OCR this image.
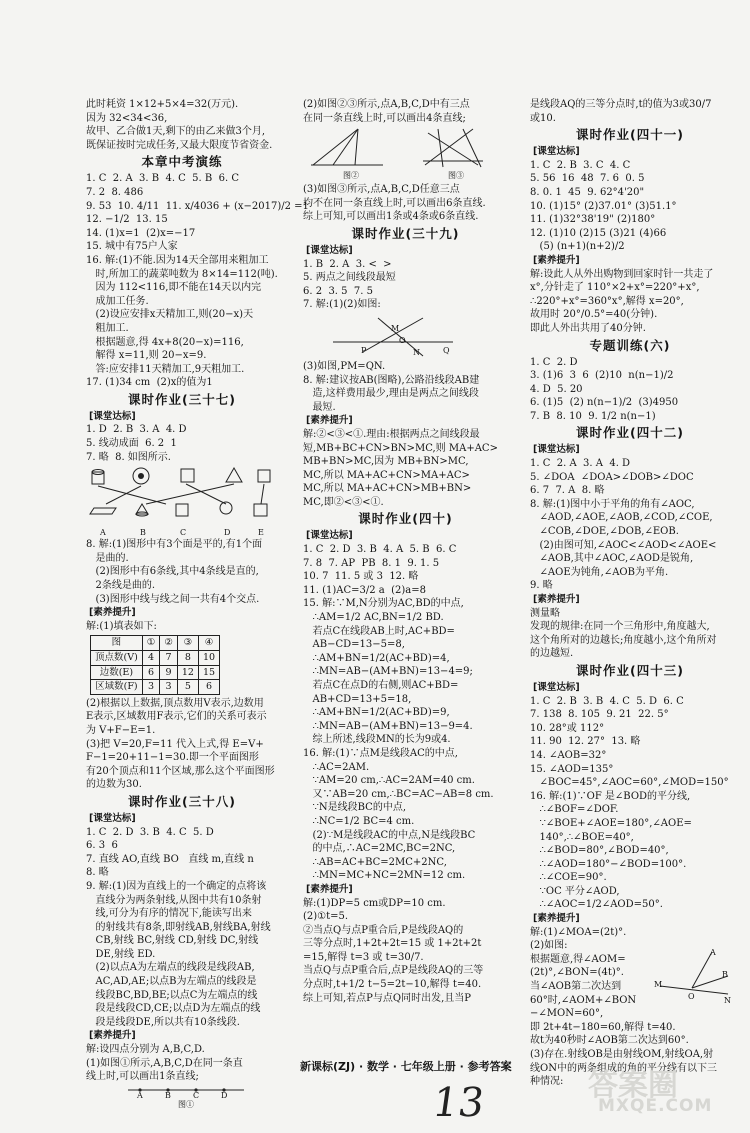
此时耗资 1×12+5×4=32(万元).
因为 32<34<36,
故甲、乙合做1天,剩下的由乙来做3个月,
既保证按时完成任务,又最大限度节省资金.
本章中考演练
1. C  2. A  3. B  4. C  5. B  6. C
7. 2  8. 486
9. 53  10. 4/11  11. x/4036 + (x−2017)/2 =1
12. −1/2  13. 15
14. (1)x=1  (2)x=−17
15. 城中有75户人家
16. 解:(1)不能.因为14天全部用来粗加工
时,所加工的蔬菜吨数为 8×14=112(吨).
因为 112<116,即不能在14天以内完
成加工任务.
(2)设应安排x天精加工,则(20−x)天
粗加工.
根据题意,得 4x+8(20−x)=116,
解得 x=11,则 20−x=9.
答:应安排11天精加工,9天粗加工.
17. (1)34 cm  (2)x的值为1
课时作业(三十七)
[课堂达标]
1. D  2. B  3. A  4. D
5. 线动成面  6. 2  1
7. 略  8. 如图所示.
A	B	C	D	E
8. 解:(1)图形中有3个面是平的,有1个面
是曲的.
(2)图形中有6条线,其中4条线是直的,
2条线是曲的.
(3)图形中线与线之间一共有4个交点.
[素养提升]
解:(1)填表如下:
图	①	②	③	④
顶点数(V)	4	7	8	10
边数(E)	6	9	12	15
区域数(F)	3	3	5	6
(2)根据以上数据,顶点数用V表示,边数用
E表示,区域数用F表示,它们的关系可表示
为 V+F−E=1.
(3)把 V=20,F=11 代入上式,得 E=V+
F−1=20+11−1=30.即一个平面图形
有20个顶点和11个区域,那么这个平面图形
的边数为30.
课时作业(三十八)
[课堂达标]
1. C  2. D  3. B  4. C  5. D
6. 3  6
7. 直线 AO,直线 BO   直线 m,直线 n
8. 略
9. 解:(1)因为直线上的一个确定的点将该
直线分为两条射线,从图中共有10条射
线,可分为有序的情况下,能读写出来
的射线共有8条,即射线AB,射线BA,射线
CB,射线 BC,射线 CD,射线 DC,射线
DE,射线 ED.
(2)以点A为左端点的线段是线段AB,
AC,AD,AE;以点B为左端点的线段是
线段BC,BD,BE;以点C为左端点的线
段是线段CD,CE;以点D为左端点的线
段是线段DE,所以共有10条线段.
[素养提升]
解:设四点分别为 A,B,C,D.
(1)如图①所示,A,B,C,D在同一条直
线上时,可以画出1条直线;
A	B	C	D
图①
(2)如图②③所示,点A,B,C,D中有三点
在同一条直线上时,可以画出4条直线;
图②	图③
(3)如图③所示,点A,B,C,D任意三点
均不在同一条直线上时,可以画出6条直线.
综上可知,可以画出1条或4条或6条直线.
课时作业(三十九)
[课堂达标]
1. B  2. A  3. <  >
5. 两点之间线段最短
6. 2  3. 5  7. 5
7. 解:(1)(2)如图:
M
O
P	N	Q
(3)如图,PM=QN.
8. 解:建议按AB(图略),公路沿线段AB建
造,这样费用最少,理由是两点之间线段
最短.
[素养提升]
解:②<③<①.理由:根据两点之间线段最
短,MB+BC+CN>BN>MC,则 MA+AC>
MB+BN>MC,因为 MB+BN>MC,
MC,所以 MA+AC+CN>MA+AC>
MC,所以 MA+AC+CN>MB+BN>
MC,即②<③<①.
课时作业(四十)
[课堂达标]
1. C  2. D  3. B  4. A  5. B  6. C
7. 8  7. AP  PB  8. 1  9. 1. 5
10. 7  11. 5 或 3  12. 略
11. (1)AC=3/2 a  (2)a=8
15. 解:∵M,N分别为AC,BD的中点,
∴AM=1/2 AC,BN=1/2 BD.
若点C在线段AB上时,AC+BD=
AB−CD=13−5=8,
∴AM+BN=1/2(AC+BD)=4,
∴MN=AB−(AM+BN)=13−4=9;
若点C在点D的右侧,则AC+BD=
AB+CD=13+5=18,
∴AM+BN=1/2(AC+BD)=9,
∴MN=AB−(AM+BN)=13−9=4.
综上所述,线段MN的长为9或4.
16. 解:(1)∵点M是线段AC的中点,
∴AC=2AM.
∵AM=20 cm,∴AC=2AM=40 cm.
又∵AB=20 cm,∴BC=AC−AB=8 cm.
∵N是线段BC的中点,
∴NC=1/2 BC=4 cm.
(2)∵M是线段AC的中点,N是线段BC
的中点,∴AC=2MC,BC=2NC,
∴AB=AC+BC=2MC+2NC,
∴MN=MC+NC=2MN=12 cm.
[素养提升]
解:(1)DP=5 cm或DP=10 cm.
(2)①t=5.
②当点Q与点P重合后,P是线段AQ的
三等分点时,1+2t+2t=15 或 1+2t+2t
=15,解得 t=3 或 t=30/7.
当点Q与点P重合后,点P是线段AQ的三等
分点时,t+1/2 t−5=2t−10,解得 t=40.
综上可知,若点P与点Q同时出发,且当P
是线段AQ的三等分点时,t的值为3或30/7
或10.
课时作业(四十一)
[课堂达标]
1. C  2. B  3. C  4. C
5. 56  16  48  7. 6  0. 5
8. 0. 1  45  9. 62°4'20"
10. (1)15° (2)37.01° (3)51.1°
11. (1)32°38'19" (2)180°
12. (1)10 (2)15 (3)21 (4)66
(5) (n+1)(n+2)/2
[素养提升]
解:设此人从外出购物到回家时针一共走了
x°,分针走了 110°×2+x°=220°+x°,
∴220°+x°=360°x°,解得 x=20°,
故用时 20°/0.5°=40(分钟).
即此人外出共用了40分钟.
专题训练(六)
1. C  2. D
3. (1)6  3  6  (2)10  n(n−1)/2
4. D  5. 20
6. (1)5  (2) n(n−1)/2  (3)4950
7. B  8. 10  9. 1/2 n(n−1)
课时作业(四十二)
[课堂达标]
1. C  2. A  3. A  4. D
5. ∠DOA  ∠DOA>∠DOB>∠DOC
6. 7  7. A  8. 略
8. 解:(1)图中小于平角的角有∠AOC,
∠AOD,∠AOE,∠AOB,∠COD,∠COE,
∠COB,∠DOE,∠DOB,∠EOB.
(2)由图可知,∠AOC<∠AOD<∠AOE<
∠AOB,其中∠AOC,∠AOD是锐角,
∠AOE为钝角,∠AOB为平角.
9. 略
[素养提升]
测量略
发现的规律:在同一个三角形中,角度越大,
这个角所对的边越长;角度越小,这个角所对
的边越短.
课时作业(四十三)
[课堂达标]
1. C  2. B  3. B  4. C  5. D  6. C
7. 138  8. 105  9. 21  22. 5°
10. 28°或 112°
11. 90  12. 27°  13. 略
14. ∠AOB=32°
15. ∠AOD=135°
∠BOC=45°,∠AOC=60°,∠MOD=150°
16. 解:(1)∵OF 是∠BOD的平分线,
∴∠BOF=∠DOF.
∵∠BOE+∠AOE=180°,∠AOE=
140°,∴∠BOE=40°,
∴∠BOD=80°,∠BOD=40°,
∴∠AOD=180°−∠BOD=100°.
∴∠COE=90°.
∵OC 平分∠AOD,
∴∠AOC=1/2∠AOD=50°.
[素养提升]
解:(1)∠MOA=(2t)°.
(2)如图:
根据题意,得∠AOM=
(2t)°,∠BON=(4t)°.
当∠AOB第二次达到
60°时,∠AOM+∠BON
−∠MON=60°,
即 2t+4t−180=60,解得 t=40.
故t为40秒时∠AOB第二次达到60°.
(3)存在.射线OB是由射线OM,射线OA,射
线ON中的两条组成的角的平分线有以下三
种情况:
A
O
B
M
N
新课标(ZJ) · 数学 · 七年级上册 · 参考答案
13	答案圈
MXQE.COM
